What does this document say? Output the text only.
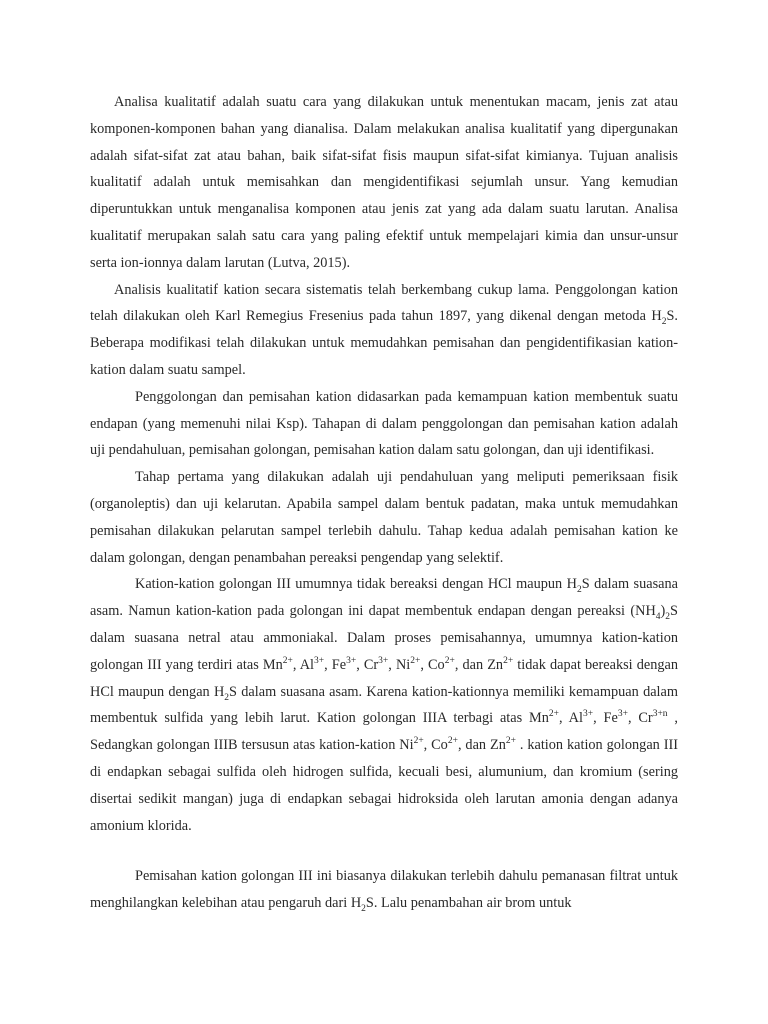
Analisa kualitatif adalah suatu cara yang dilakukan untuk menentukan macam, jenis zat atau komponen-komponen bahan yang dianalisa. Dalam melakukan analisa kualitatif yang dipergunakan adalah sifat-sifat zat atau bahan, baik sifat-sifat fisis maupun sifat-sifat kimianya. Tujuan analisis kualitatif adalah untuk memisahkan dan mengidentifikasi sejumlah unsur. Yang kemudian diperuntukkan untuk menganalisa komponen atau jenis zat yang ada dalam suatu larutan. Analisa kualitatif merupakan salah satu cara yang paling efektif untuk mempelajari kimia dan unsur-unsur serta ion-ionnya dalam larutan (Lutva, 2015).

Analisis kualitatif kation secara sistematis telah berkembang cukup lama. Penggolongan kation telah dilakukan oleh Karl Remegius Fresenius pada tahun 1897, yang dikenal dengan metoda $H_2S$. Beberapa modifikasi telah dilakukan untuk memudahkan pemisahan dan pengidentifikasian kation-kation dalam suatu sampel.

Penggolongan dan pemisahan kation didasarkan pada kemampuan kation membentuk suatu endapan (yang memenuhi nilai Ksp). Tahapan di dalam penggolongan dan pemisahan kation adalah uji pendahuluan, pemisahan golongan, pemisahan kation dalam satu golongan, dan uji identifikasi.

Tahap pertama yang dilakukan adalah uji pendahuluan yang meliputi pemeriksaan fisik (organoleptis) dan uji kelarutan. Apabila sampel dalam bentuk padatan, maka untuk memudahkan pemisahan dilakukan pelarutan sampel terlebih dahulu. Tahap kedua adalah pemisahan kation ke dalam golongan, dengan penambahan pereaksi pengendap yang selektif.

Kation-kation golongan III umumnya tidak bereaksi dengan HCl maupun $H_2S$ dalam suasana asam. Namun kation-kation pada golongan ini dapat membentuk endapan dengan pereaksi $(NH_4)_2S$ dalam suasana netral atau ammoniakal. Dalam proses pemisahannya, umumnya kation-kation golongan III yang terdiri atas $Mn^{2+}$, $Al^{3+}$, $Fe^{3+}$, $Cr^{3+}$, $Ni^{2+}$, $Co^{2+}$, dan $Zn^{2+}$ tidak dapat bereaksi dengan HCl maupun dengan $H_2S$ dalam suasana asam. Karena kation-kationnya memiliki kemampuan dalam membentuk sulfida yang lebih larut. Kation golongan IIIA terbagi atas $Mn^{2+}$, $Al^{3+}$, $Fe^{3+}$, $Cr^{3+n}$ , Sedangkan golongan IIIB tersusun atas kation-kation $Ni^{2+}$, $Co^{2+}$, dan $Zn^{2+}$ . kation kation golongan III di endapkan sebagai sulfida oleh hidrogen sulfida, kecuali besi, alumunium, dan kromium (sering disertai sedikit mangan) juga di endapkan sebagai hidroksida oleh larutan amonia dengan adanya amonium klorida.

Pemisahan kation golongan III ini biasanya dilakukan terlebih dahulu pemanasan filtrat untuk menghilangkan kelebihan atau pengaruh dari $H_2S$. Lalu penambahan air brom untuk
